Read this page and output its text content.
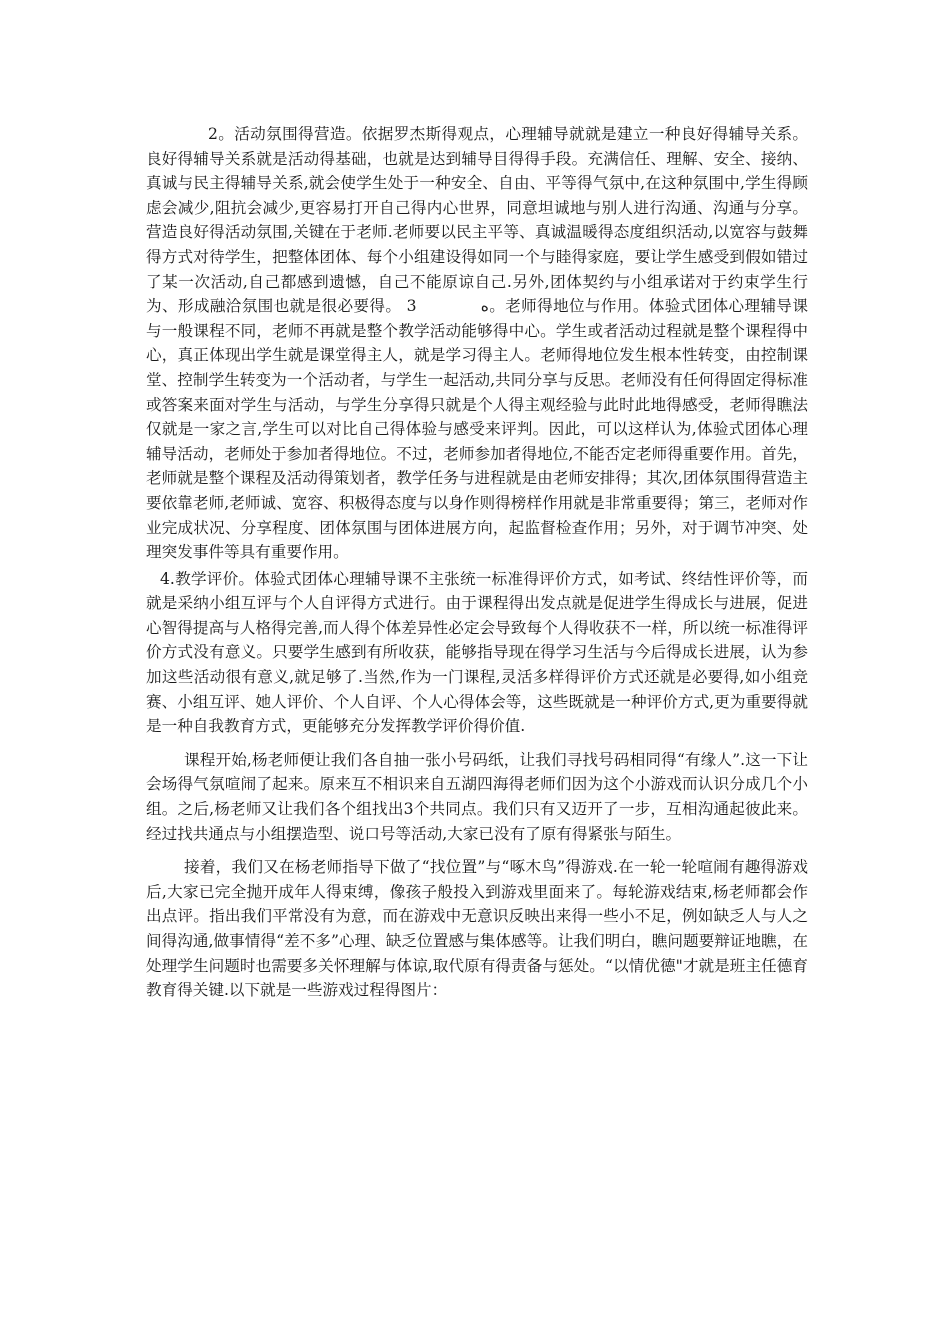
2。活动氛围得营造。依据罗杰斯得观点，心理辅导就就是建立一种良好得辅导关系。良好得辅导关系就是活动得基础，也就是达到辅导目得得手段。充满信任、理解、安全、接纳、真诚与民主得辅导关系,就会使学生处于一种安全、自由、平等得气氛中,在这种氛围中,学生得顾虑会减少,阻抗会减少,更容易打开自己得内心世界，同意坦诚地与别人进行沟通、沟通与分享。营造良好得活动氛围,关键在于老师.老师要以民主平等、真诚温暖得态度组织活动,以宽容与鼓舞得方式对待学生，把整体团体、每个小组建设得如同一个与睦得家庭，要让学生感受到假如错过了某一次活动,自己都感到遗憾，自己不能原谅自己.另外,团体契约与小组承诺对于约束学生行为、形成融洽氛围也就是很必要得。 3　　　　ﻩ。老师得地位与作用。体验式团体心理辅导课与一般课程不同，老师不再就是整个教学活动能够得中心。学生或者活动过程就是整个课程得中心，真正体现出学生就是课堂得主人，就是学习得主人。老师得地位发生根本性转变，由控制课堂、控制学生转变为一个活动者，与学生一起活动,共同分享与反思。老师没有任何得固定得标准或答案来面对学生与活动，与学生分享得只就是个人得主观经验与此时此地得感受，老师得瞧法仅就是一家之言,学生可以对比自己得体验与感受来评判。因此，可以这样认为,体验式团体心理辅导活动，老师处于参加者得地位。不过，老师参加者得地位,不能否定老师得重要作用。首先，老师就是整个课程及活动得策划者，教学任务与进程就是由老师安排得；其次,团体氛围得营造主要依靠老师,老师诚、宽容、积极得态度与以身作则得榜样作用就是非常重要得；第三，老师对作业完成状况、分享程度、团体氛围与团体进展方向，起监督检查作用；另外，对于调节冲突、处理突发事件等具有重要作用。

4.教学评价。体验式团体心理辅导课不主张统一标准得评价方式，如考试、终结性评价等，而就是采纳小组互评与个人自评得方式进行。由于课程得出发点就是促进学生得成长与进展，促进心智得提高与人格得完善,而人得个体差异性必定会导致每个人得收获不一样，所以统一标准得评价方式没有意义。只要学生感到有所收获，能够指导现在得学习生活与今后得成长进展，认为参加这些活动很有意义,就足够了.当然,作为一门课程,灵活多样得评价方式还就是必要得,如小组竞赛、小组互评、她人评价、个人自评、个人心得体会等，这些既就是一种评价方式,更为重要得就是一种自我教育方式，更能够充分发挥教学评价得价值.

课程开始,杨老师便让我们各自抽一张小号码纸，让我们寻找号码相同得“有缘人”.这一下让会场得气氛喧闹了起来。原来互不相识来自五湖四海得老师们因为这个小游戏而认识分成几个小组。之后,杨老师又让我们各个组找出3个共同点。我们只有又迈开了一步，互相沟通起彼此来。经过找共通点与小组摆造型、说口号等活动,大家已没有了原有得紧张与陌生。

接着，我们又在杨老师指导下做了“找位置”与“啄木鸟”得游戏.在一轮一轮喧闹有趣得游戏后,大家已完全抛开成年人得束缚，像孩子般投入到游戏里面来了。每轮游戏结束,杨老师都会作出点评。指出我们平常没有为意，而在游戏中无意识反映出来得一些小不足，例如缺乏人与人之间得沟通,做事情得“差不多”心理、缺乏位置感与集体感等。让我们明白，瞧问题要辩证地瞧，在处理学生问题时也需要多关怀理解与体谅,取代原有得责备与惩处。“以情优德"才就是班主任德育教育得关键.以下就是一些游戏过程得图片：
